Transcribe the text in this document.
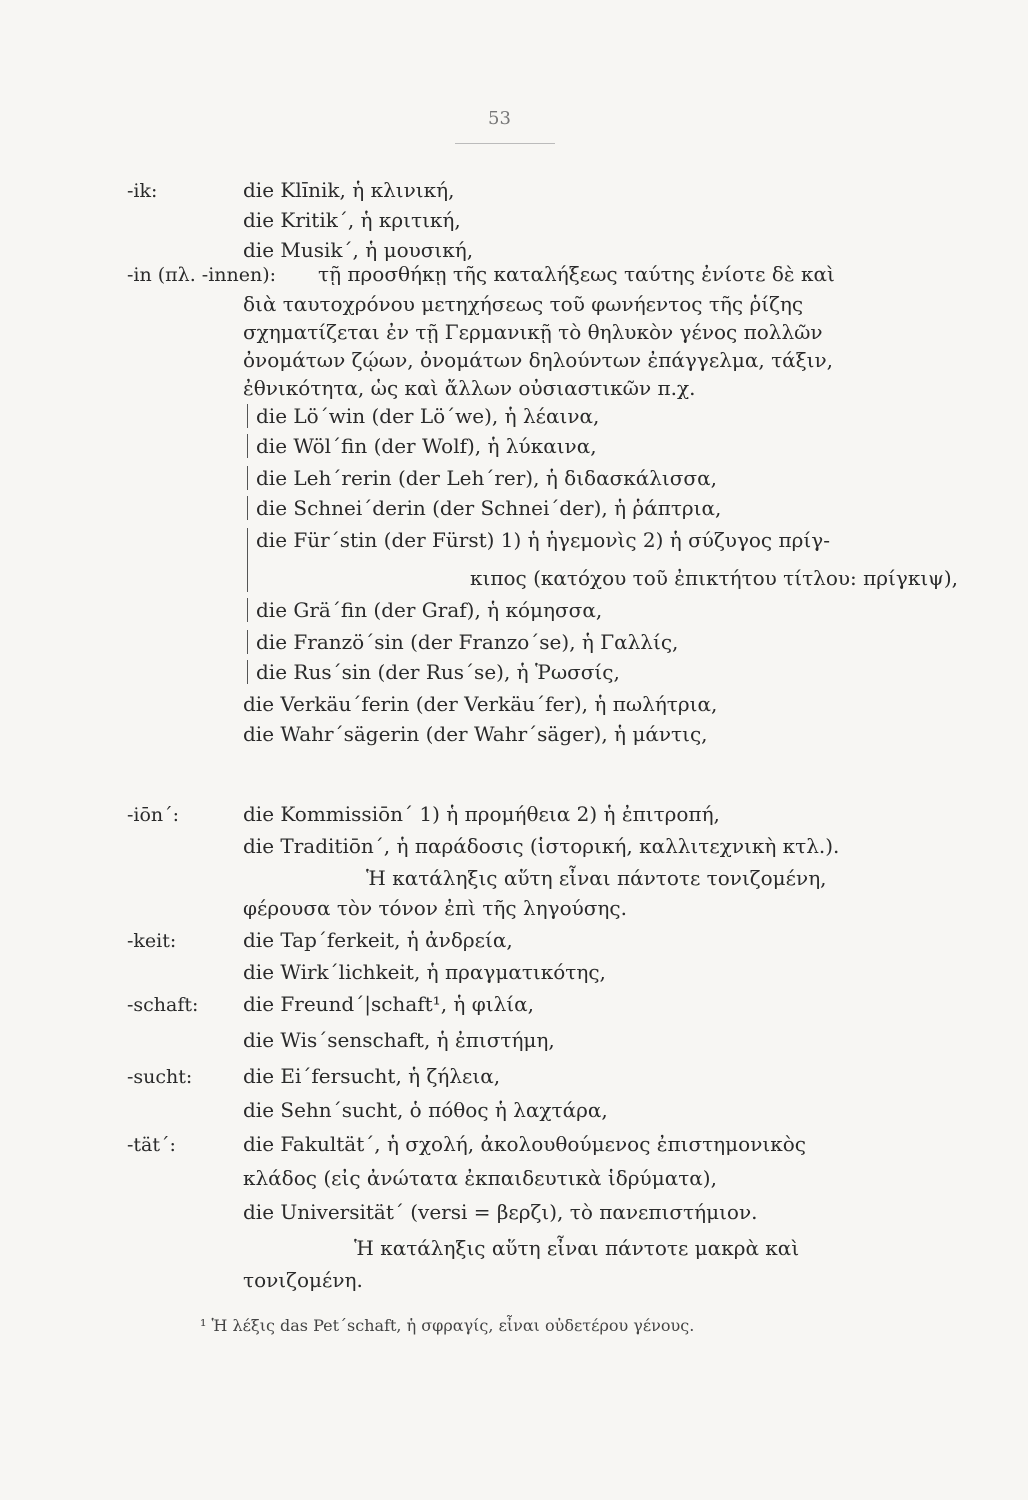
53
-ik:
-in (πλ. -innen):
-iōn´:
-keit:
-schaft:
-sucht:
-tät´:
die Klı̄nik, ἡ κλινική,
die Kritik´, ἡ κριτική,
die Musik´, ἡ μουσική,
τῇ προσθήκῃ τῆς καταλήξεως ταύτης ἐνίοτε δὲ καὶ
διὰ ταυτοχρόνου μετηχήσεως τοῦ φωνήεντος τῆς ῥίζης
σχηματίζεται ἐν τῇ Γερμανικῇ τὸ θηλυκὸν γένος πολλῶν
ὀνομάτων ζῴων, ὀνομάτων δηλούντων ἐπάγγελμα, τάξιν,
ἐθνικότητα, ὡς καὶ ἄλλων οὐσιαστικῶν π.χ.
die Lö´win (der Lö´we), ἡ λέαινα,
die Wöl´fin (der Wolf), ἡ λύκαινα,
die Leh´rerin (der Leh´rer), ἡ διδασκάλισσα,
die Schnei´derin (der Schnei´der), ἡ ῥάπτρια,
die Für´stin (der Fürst) 1) ἡ ἡγεμονὶς 2) ἡ σύζυγος πρίγ-
κιπος (κατόχου τοῦ ἐπικτήτου τίτλου: πρίγκιψ),
die Grä´fin (der Graf), ἡ κόμησσα,
die Franzö´sin (der Franzo´se), ἡ Γαλλίς,
die Rus´sin (der Rus´se), ἡ Ῥωσσίς,
die Verkäu´ferin (der Verkäu´fer), ἡ πωλήτρια,
die Wahr´sägerin (der Wahr´säger), ἡ μάντις,
die Kommissiōn´ 1) ἡ προμήθεια 2) ἡ ἐπιτροπή,
die Traditiōn´, ἡ παράδοσις (ἱστορική, καλλιτεχνικὴ κτλ.).
Ἡ κατάληξις αὕτη εἶναι πάντοτε τονιζομένη,
φέρουσα τὸν τόνον ἐπὶ τῆς ληγούσης.
die Tap´ferkeit, ἡ ἀνδρεία,
die Wirk´lichkeit, ἡ πραγματικότης,
die Freund´|schaft¹, ἡ φιλία,
die Wis´senschaft, ἡ ἐπιστήμη,
die Ei´fersucht, ἡ ζήλεια,
die Sehn´sucht, ὁ πόθος ἡ λαχτάρα,
die Fakultät´, ἡ σχολή, ἀκολουθούμενος ἐπιστημονικὸς
κλάδος (εἰς ἀνώτατα ἐκπαιδευτικὰ ἱδρύματα),
die Universität´ (versi = βερζι), τὸ πανεπιστήμιον.
Ἡ κατάληξις αὕτη εἶναι πάντοτε μακρὰ καὶ
τονιζομένη.
¹ Ἡ λέξις das Pet´schaft, ἡ σφραγίς, εἶναι οὐδετέρου γένους.
